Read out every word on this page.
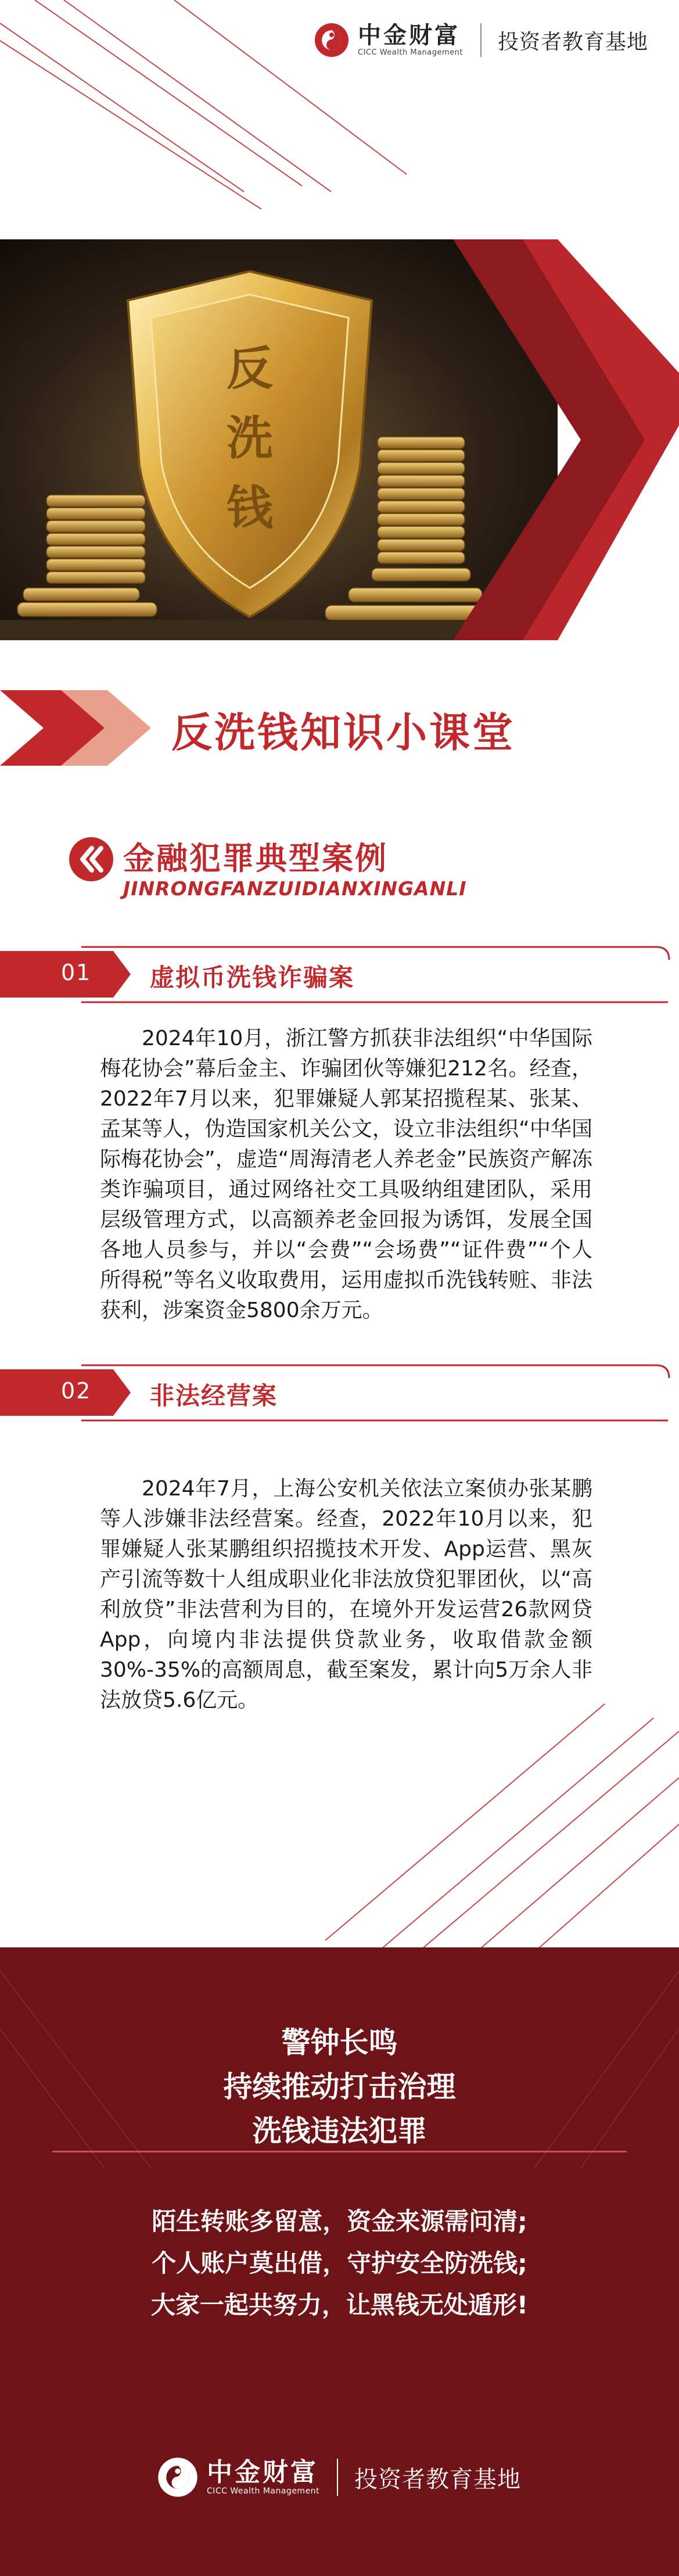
中金财富
CICC Wealth Management 投资者教育基地
反
洗
钱
反洗钱知识小课堂
金融犯罪典型案例
JINRONGFANZUIDIANXINGANLI
01 虚拟币洗钱诈骗案

2024年10月，浙江警方抓获非法组织“中华国际梅花协会”幕后金主、诈骗团伙等嫌犯212名。经查，2022年7月以来，犯罪嫌疑人郭某招揽程某、张某、孟某等人，伪造国家机关公文，设立非法组织“中华国际梅花协会”，虚造“周海清老人养老金”民族资产解冻类诈骗项目，通过网络社交工具吸纳组建团队，采用层级管理方式，以高额养老金回报为诱饵，发展全国各地人员参与，并以“会费”“会场费”“证件费”“个人所得税”等名义收取费用，运用虚拟币洗钱转赃、非法获利，涉案资金5800余万元。

02 非法经营案

2024年7月，上海公安机关依法立案侦办张某鹏等人涉嫌非法经营案。经查，2022年10月以来，犯罪嫌疑人张某鹏组织招揽技术开发、App运营、黑灰产引流等数十人组成职业化非法放贷犯罪团伙，以“高利放贷”非法营利为目的，在境外开发运营26款网贷App，向境内非法提供贷款业务，收取借款金额30%-35%的高额周息，截至案发，累计向5万余人非法放贷5.6亿元。

警钟长鸣
持续推动打击治理
洗钱违法犯罪
陌生转账多留意，资金来源需问清;
个人账户莫出借，守护安全防洗钱;
大家一起共努力，让黑钱无处遁形!
中金财富
CICC Wealth Management 投资者教育基地
